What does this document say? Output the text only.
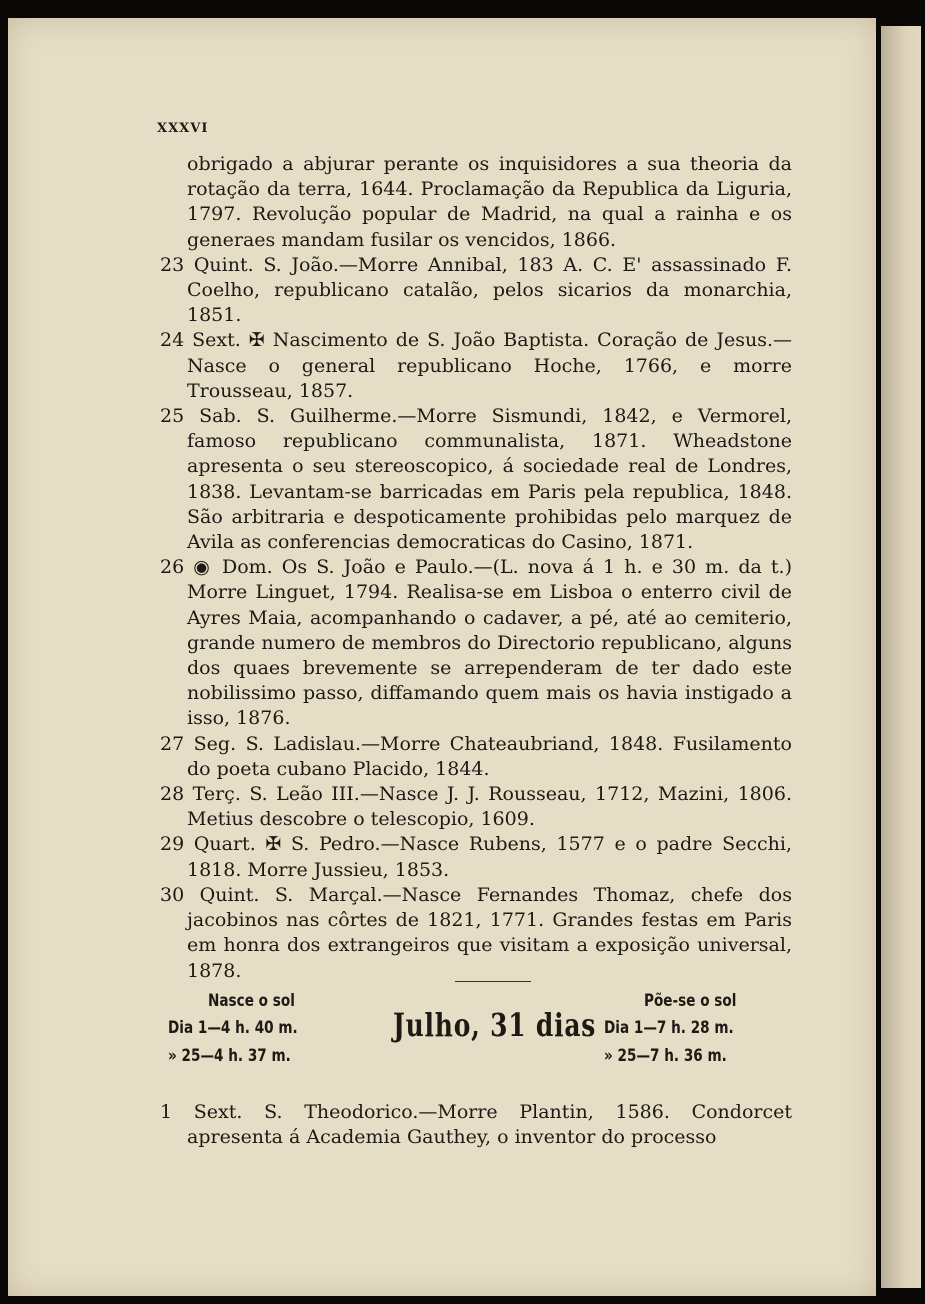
XXXVI

obrigado a abjurar perante os inquisidores a sua theoria da rotação da terra, 1644. Proclamação da Republica da Liguria, 1797. Revolução popular de Madrid, na qual a rainha e os generaes mandam fusilar os vencidos, 1866.

23 Quint. S. João.—Morre Annibal, 183 A. C. E' assassinado F. Coelho, republicano catalão, pelos sicarios da monarchia, 1851.

24 Sext. ✠ Nascimento de S. João Baptista. Coração de Jesus.—Nasce o general republicano Hoche, 1766, e morre Trousseau, 1857.

25 Sab. S. Guilherme.—Morre Sismundi, 1842, e Vermorel, famoso republicano communalista, 1871. Wheadstone apresenta o seu stereoscopico, á sociedade real de Londres, 1838. Levantam-se barricadas em Paris pela republica, 1848. São arbitraria e despoticamente prohibidas pelo marquez de Avila as conferencias democraticas do Casino, 1871.

26 ◉ Dom. Os S. João e Paulo.—(L. nova á 1 h. e 30 m. da t.) Morre Linguet, 1794. Realisa-se em Lisboa o enterro civil de Ayres Maia, acompanhando o cadaver, a pé, até ao cemiterio, grande numero de membros do Directorio republicano, alguns dos quaes brevemente se arrependeram de ter dado este nobilissimo passo, diffamando quem mais os havia instigado a isso, 1876.

27 Seg. S. Ladislau.—Morre Chateaubriand, 1848. Fusilamento do poeta cubano Placido, 1844.

28 Terç. S. Leão III.—Nasce J. J. Rousseau, 1712, Mazini, 1806. Metius descobre o telescopio, 1609.

29 Quart. ✠ S. Pedro.—Nasce Rubens, 1577 e o padre Secchi, 1818. Morre Jussieu, 1853.

30 Quint. S. Marçal.—Nasce Fernandes Thomaz, chefe dos jacobinos nas côrtes de 1821, 1771. Grandes festas em Paris em honra dos extrangeiros que visitam a exposição universal, 1878.

Nasce o sol
Dia 1—4 h. 40 m.
» 25—4 h. 37 m.
Julho, 31 dias
Põe-se o sol
Dia 1—7 h. 28 m.
» 25—7 h. 36 m.

1 Sext. S. Theodorico.—Morre Plantin, 1586. Condorcet apresenta á Academia Gauthey, o inventor do processo
